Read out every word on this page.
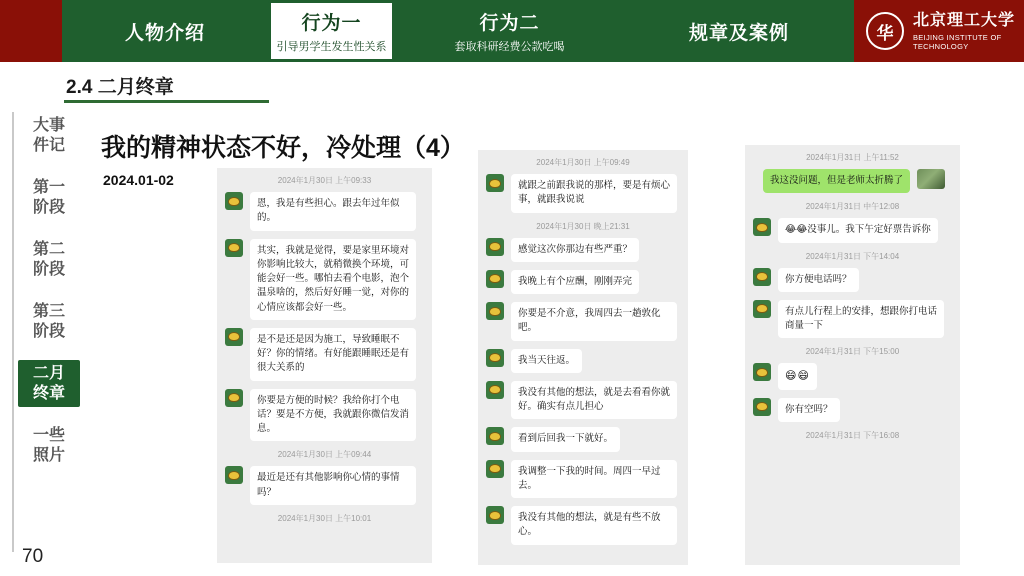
人物介绍	行为一
引导男学生发生性关系
行为二
套取科研经费公款吃喝
规章及案例	华
北京理工大学
BEIJING INSTITUTE OF TECHNOLOGY
2.4 二月终章
大事
件记
第一
阶段
第二
阶段
第三
阶段
二月
终章
一些
照片
70
我的精神状态不好，冷处理（4）
2024.01-02	2024年1月30日 上午09:33
恩，我是有些担心。跟去年过年似的。
其实，我就是觉得，要是家里环境对你影响比较大，就稍微换个环境，可能会好一些。哪怕去看个电影，泡个温泉啥的，然后好好睡一觉，对你的心情应该都会好一些。
是不是还是因为施工，导致睡眠不好？你的情绪。有好能跟睡眠还是有很大关系的
你要是方便的时候？我给你打个电话？要是不方便，我就跟你微信发消息。
2024年1月30日 上午09:44
最近是还有其他影响你心情的事情吗？
2024年1月30日 上午10:01
2024年1月30日 上午09:49
就跟之前跟我说的那样，要是有烦心事，就跟我说说
2024年1月30日 晚上21:31
感觉这次你那边有些严重？
我晚上有个应酬，刚刚弄完
你要是不介意，我周四去一趟敦化吧。
我当天往返。
我没有其他的想法，就是去看看你就好。确实有点儿担心
看到后回我一下就好。
我调整一下我的时间。周四一早过去。
我没有其他的想法，就是有些不放心。
2024年1月31日 上午11:52
我这没问题，但是老师太折腾了
2024年1月31日 中午12:08
😂😂没事儿。我下午定好票告诉你
2024年1月31日 下午14:04
你方便电话吗？
有点儿行程上的安排，想跟你打电话商量一下
2024年1月31日 下午15:00
😄😄
你有空吗？
2024年1月31日 下午16:08
